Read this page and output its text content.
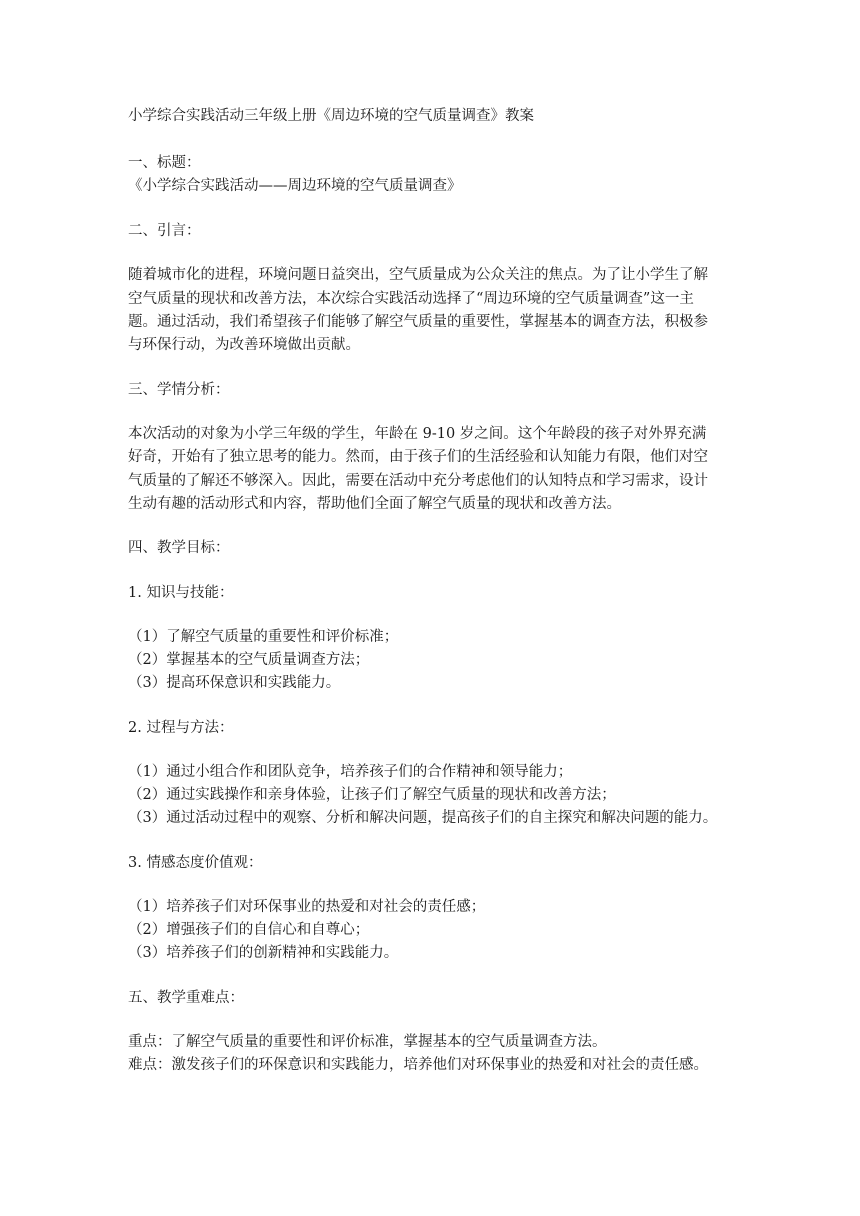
小学综合实践活动三年级上册《周边环境的空气质量调查》教案
一、标题：
《小学综合实践活动——周边环境的空气质量调查》
二、引言：
随着城市化的进程，环境问题日益突出，空气质量成为公众关注的焦点。为了让小学生了解
空气质量的现状和改善方法，本次综合实践活动选择了“周边环境的空气质量调查”这一主
题。通过活动，我们希望孩子们能够了解空气质量的重要性，掌握基本的调查方法，积极参
与环保行动，为改善环境做出贡献。
三、学情分析：
本次活动的对象为小学三年级的学生，年龄在 9-10 岁之间。这个年龄段的孩子对外界充满
好奇，开始有了独立思考的能力。然而，由于孩子们的生活经验和认知能力有限，他们对空
气质量的了解还不够深入。因此，需要在活动中充分考虑他们的认知特点和学习需求，设计
生动有趣的活动形式和内容，帮助他们全面了解空气质量的现状和改善方法。
四、教学目标：
1. 知识与技能：
（1）了解空气质量的重要性和评价标准；
（2）掌握基本的空气质量调查方法；
（3）提高环保意识和实践能力。
2. 过程与方法：
（1）通过小组合作和团队竞争，培养孩子们的合作精神和领导能力；
（2）通过实践操作和亲身体验，让孩子们了解空气质量的现状和改善方法；
（3）通过活动过程中的观察、分析和解决问题，提高孩子们的自主探究和解决问题的能力。
3. 情感态度价值观：
（1）培养孩子们对环保事业的热爱和对社会的责任感；
（2）增强孩子们的自信心和自尊心；
（3）培养孩子们的创新精神和实践能力。
五、教学重难点：
重点：了解空气质量的重要性和评价标准，掌握基本的空气质量调查方法。
难点：激发孩子们的环保意识和实践能力，培养他们对环保事业的热爱和对社会的责任感。
